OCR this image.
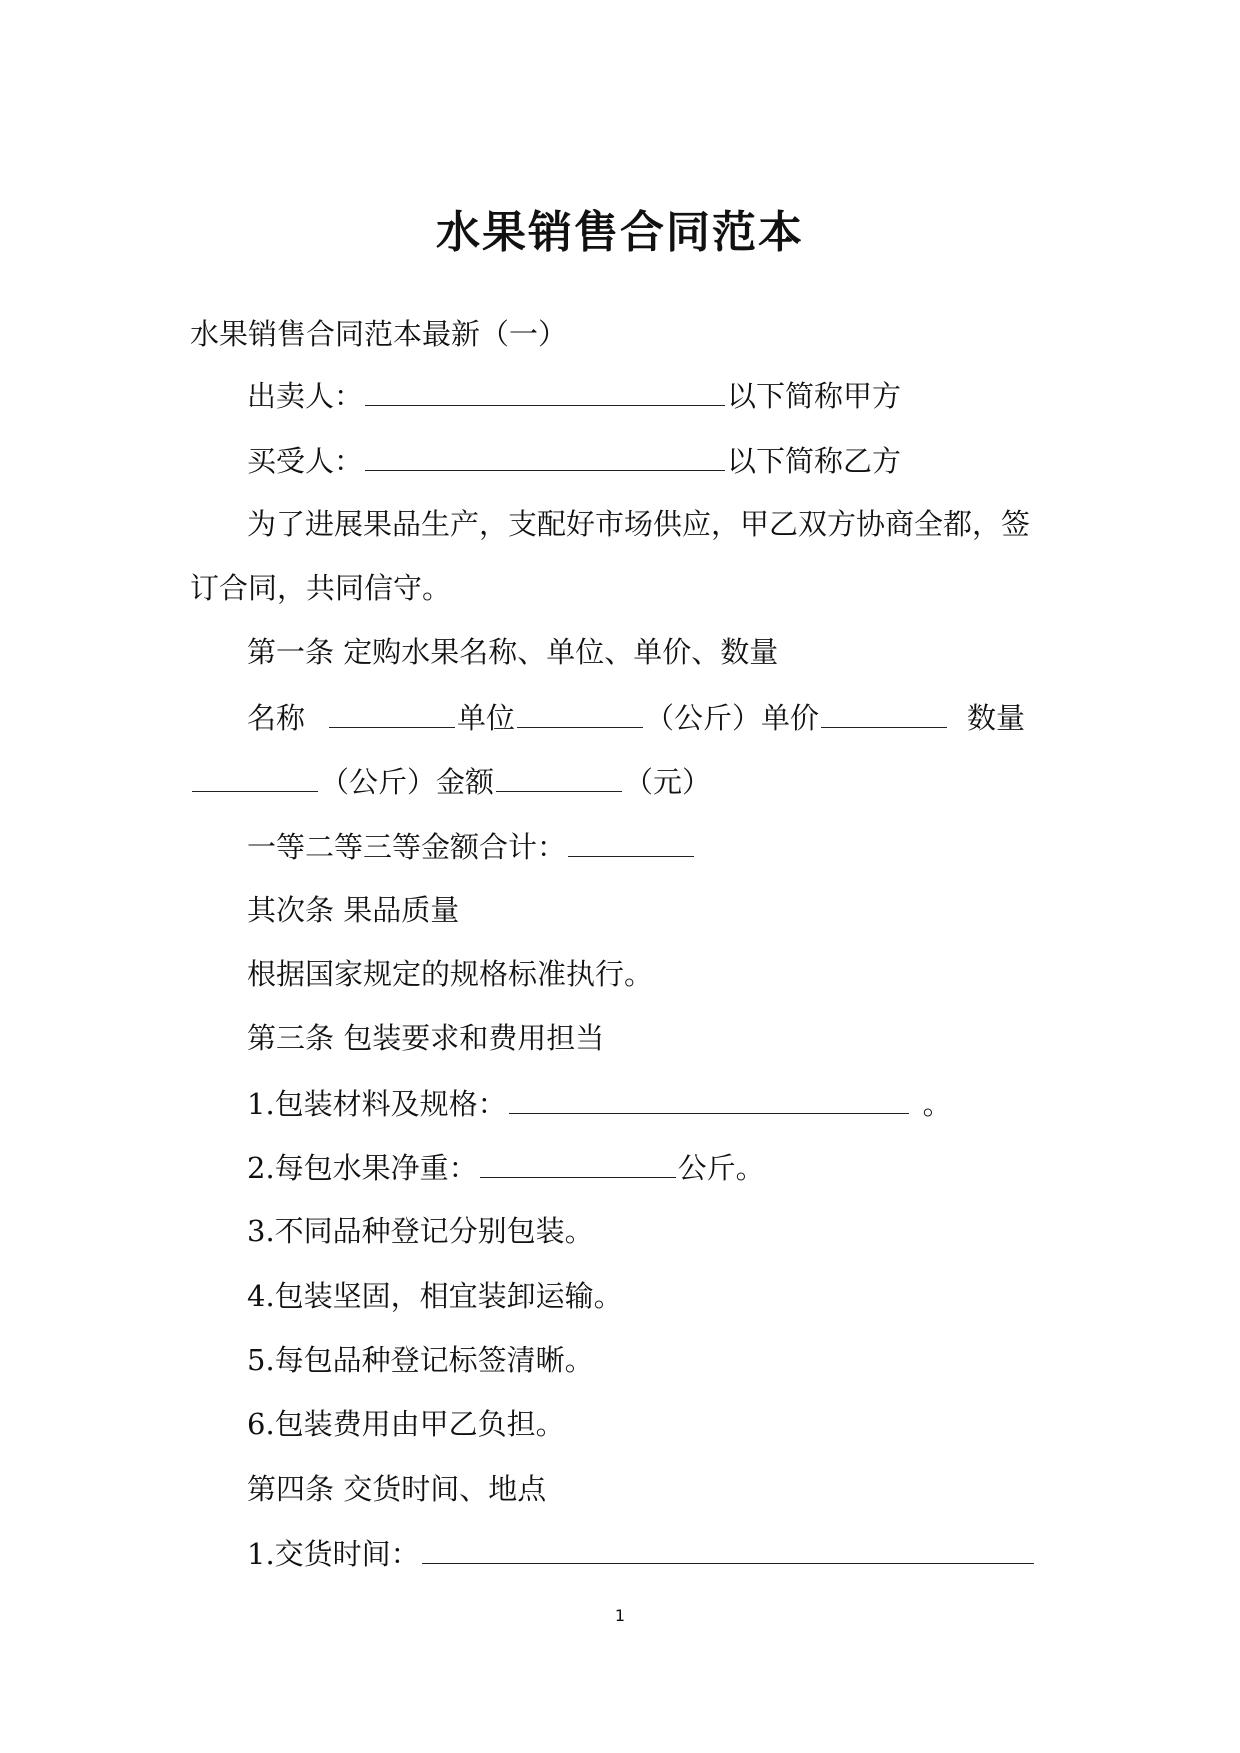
水果销售合同范本
水果销售合同范本最新（一）
出卖人：	以下简称甲方
买受人：	以下简称乙方
为了进展果品生产，支配好市场供应，甲乙双方协商全都，签
订合同，共同信守。
第一条 定购水果名称、单位、单价、数量
名称	单位	（公斤）单价	数量
（公斤）金额	（元）
一等二等三等金额合计：
其次条 果品质量
根据国家规定的规格标准执行。
第三条 包装要求和费用担当
1.包装材料及规格：	。
2.每包水果净重：	公斤。
3.不同品种登记分别包装。
4.包装坚固，相宜装卸运输。
5.每包品种登记标签清晰。
6.包装费用由甲乙负担。
第四条 交货时间、地点
1.交货时间：
1
